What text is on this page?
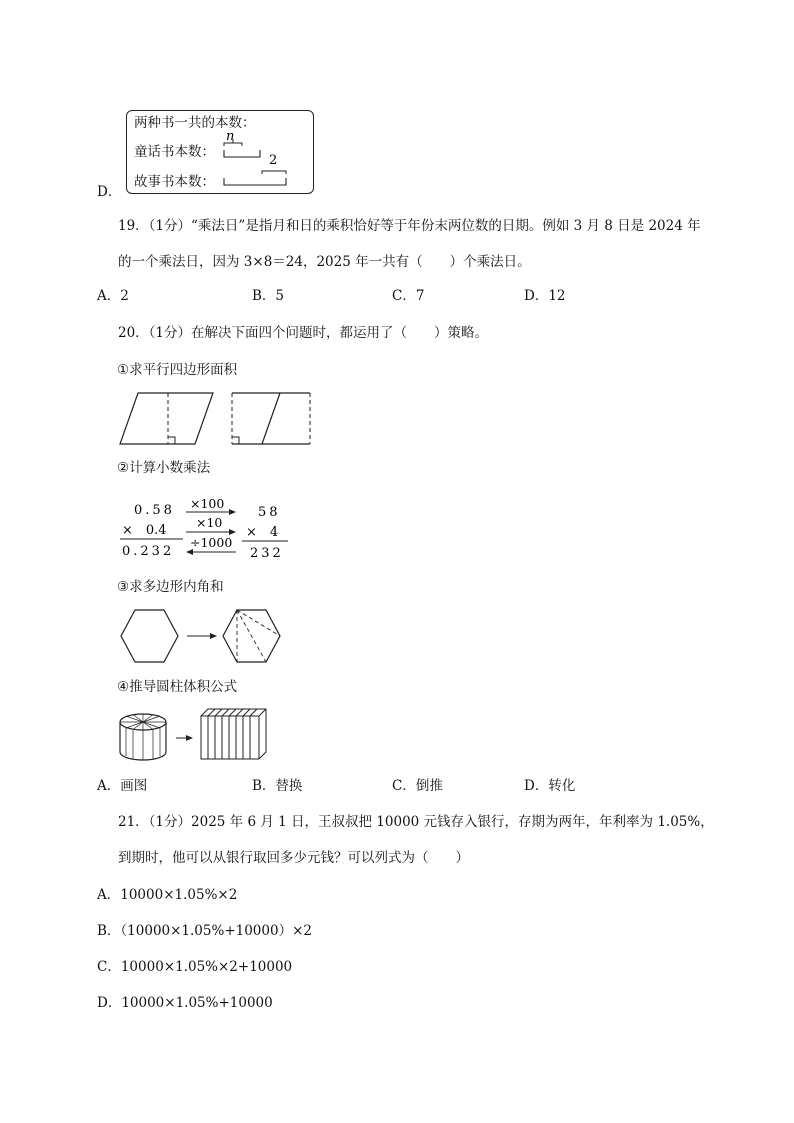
D．
两种书一共的本数：
童话书本数：
故事书本数：
n
2
19．（1分）“乘法日”是指月和日的乘积恰好等于年份末两位数的日期。例如 3 月 8 日是 2024 年
的一个乘法日，因为 3×8＝24，2025 年一共有（　　）个乘法日。
A．2	B．5	C．7	D．12
20．（1分）在解决下面四个问题时，都运用了（　　）策略。
①求平行四边形面积
②计算小数乘法
0.58
×　0.4
0.232
×100
×10
÷1000
58
×　4
232
③求多边形内角和
④推导圆柱体积公式
A．画图	B．替换	C．倒推	D．转化
21．（1分）2025 年 6 月 1 日，王叔叔把 10000 元钱存入银行，存期为两年，年利率为 1.05%，
到期时，他可以从银行取回多少元钱？可以列式为（　　）
A．10000×1.05%×2
B．（10000×1.05%+10000）×2
C．10000×1.05%×2+10000
D．10000×1.05%+10000
